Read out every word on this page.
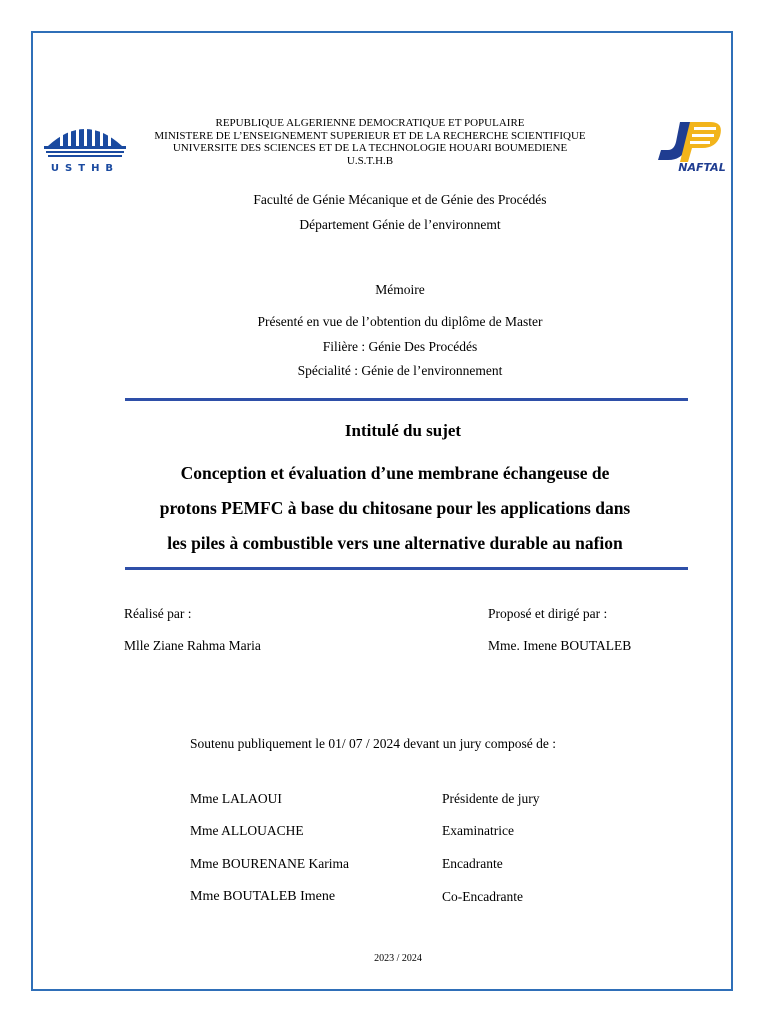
USTHB	NAFTAL
REPUBLIQUE ALGERIENNE DEMOCRATIQUE ET POPULAIRE
MINISTERE DE L’ENSEIGNEMENT SUPERIEUR ET DE LA RECHERCHE SCIENTIFIQUE
UNIVERSITE DES SCIENCES ET DE LA TECHNOLOGIE HOUARI BOUMEDIENE
U.S.T.H.B
Faculté de Génie Mécanique et de Génie des Procédés
Département Génie de l’environnemt
Mémoire
Présenté en vue de l’obtention du diplôme de Master
Filière : Génie Des Procédés
Spécialité : Génie de l’environnement
Intitulé du sujet
Conception et évaluation d’une membrane échangeuse de
protons PEMFC à base du chitosane pour les applications dans
les piles à combustible vers une alternative durable au nafion
Réalisé par :
Mlle Ziane Rahma Maria
Proposé et dirigé par :
Mme. Imene BOUTALEB
Soutenu publiquement le 01/ 07 / 2024 devant un jury composé de :
Mme LALAOUI	Présidente de jury
Mme ALLOUACHE	Examinatrice
Mme BOURENANE Karima	Encadrante
Mme BOUTALEB Imene	Co-Encadrante
2023 / 2024
